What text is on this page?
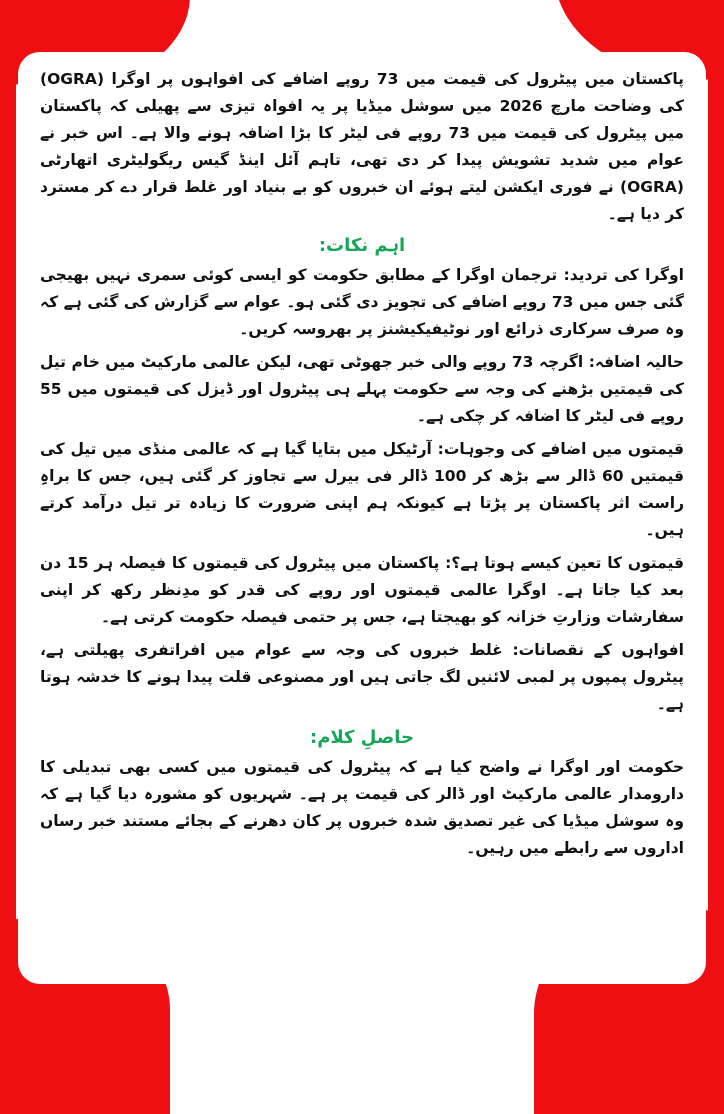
پاکستان میں پیٹرول کی قیمت میں 73 روپے اضافے کی افواہوں پر اوگرا (OGRA) کی وضاحت مارچ 2026 میں سوشل میڈیا پر یہ افواہ تیزی سے پھیلی کہ پاکستان میں پیٹرول کی قیمت میں 73 روپے فی لیٹر کا بڑا اضافہ ہونے والا ہے۔ اس خبر نے عوام میں شدید تشویش پیدا کر دی تھی، تاہم آئل اینڈ گیس ریگولیٹری اتھارٹی (OGRA) نے فوری ایکشن لیتے ہوئے ان خبروں کو بے بنیاد اور غلط قرار دے کر مسترد کر دیا ہے۔

اہم نکات:

اوگرا کی تردید: ترجمان اوگرا کے مطابق حکومت کو ایسی کوئی سمری نہیں بھیجی گئی جس میں 73 روپے اضافے کی تجویز دی گئی ہو۔ عوام سے گزارش کی گئی ہے کہ وہ صرف سرکاری ذرائع اور نوٹیفیکیشنز پر بھروسہ کریں۔

حالیہ اضافہ: اگرچہ 73 روپے والی خبر جھوٹی تھی، لیکن عالمی مارکیٹ میں خام تیل کی قیمتیں بڑھنے کی وجہ سے حکومت پہلے ہی پیٹرول اور ڈیزل کی قیمتوں میں 55 روپے فی لیٹر کا اضافہ کر چکی ہے۔

قیمتوں میں اضافے کی وجوہات: آرٹیکل میں بتایا گیا ہے کہ عالمی منڈی میں تیل کی قیمتیں 60 ڈالر سے بڑھ کر 100 ڈالر فی بیرل سے تجاوز کر گئی ہیں، جس کا براہِ راست اثر پاکستان پر پڑتا ہے کیونکہ ہم اپنی ضرورت کا زیادہ تر تیل درآمد کرتے ہیں۔

قیمتوں کا تعین کیسے ہوتا ہے؟: پاکستان میں پیٹرول کی قیمتوں کا فیصلہ ہر 15 دن بعد کیا جاتا ہے۔ اوگرا عالمی قیمتوں اور روپے کی قدر کو مدِنظر رکھ کر اپنی سفارشات وزارتِ خزانہ کو بھیجتا ہے، جس پر حتمی فیصلہ حکومت کرتی ہے۔

افواہوں کے نقصانات: غلط خبروں کی وجہ سے عوام میں افراتفری پھیلتی ہے، پیٹرول پمپوں پر لمبی لائنیں لگ جاتی ہیں اور مصنوعی قلت پیدا ہونے کا خدشہ ہوتا ہے۔

حاصلِ کلام:

حکومت اور اوگرا نے واضح کیا ہے کہ پیٹرول کی قیمتوں میں کسی بھی تبدیلی کا دارومدار عالمی مارکیٹ اور ڈالر کی قیمت پر ہے۔ شہریوں کو مشورہ دیا گیا ہے کہ وہ سوشل میڈیا کی غیر تصدیق شدہ خبروں پر کان دھرنے کے بجائے مستند خبر رساں اداروں سے رابطے میں رہیں۔
